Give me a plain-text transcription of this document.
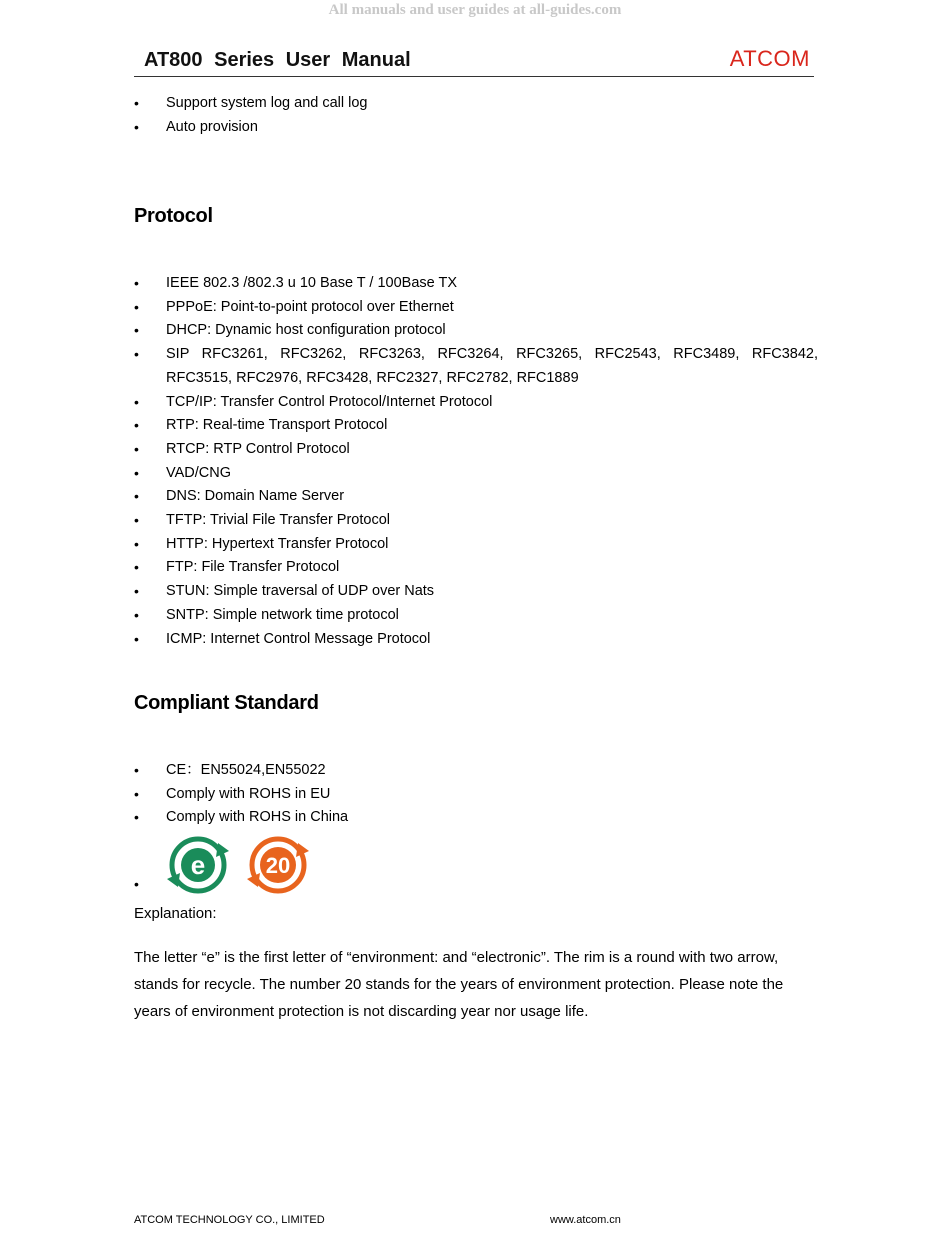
All manuals and user guides at all-guides.com
AT800 Series User Manual	ATCOM
• Support system log and call log
• Auto provision
Protocol
• IEEE 802.3 /802.3 u 10 Base T / 100Base TX
• PPPoE: Point-to-point protocol over Ethernet
• DHCP: Dynamic host configuration protocol
• SIP RFC3261, RFC3262, RFC3263, RFC3264, RFC3265, RFC2543, RFC3489, RFC3842, RFC3515, RFC2976, RFC3428, RFC2327, RFC2782, RFC1889
• TCP/IP: Transfer Control Protocol/Internet Protocol
• RTP: Real-time Transport Protocol
• RTCP: RTP Control Protocol
• VAD/CNG
• DNS: Domain Name Server
• TFTP: Trivial File Transfer Protocol
• HTTP: Hypertext Transfer Protocol
• FTP: File Transfer Protocol
• STUN: Simple traversal of UDP over Nats
• SNTP: Simple network time protocol
• ICMP: Internet Control Message Protocol
Compliant Standard
• CE：EN55024,EN55022
• Comply with ROHS in EU
• Comply with ROHS in China
e	20
•
Explanation:
The letter “e” is the first letter of “environment: and “electronic”. The rim is a round with two arrow, stands for recycle. The number 20 stands for the years of environment protection. Please note the years of environment protection is not discarding year nor usage life.
ATCOM TECHNOLOGY CO., LIMITED	www.atcom.cn
